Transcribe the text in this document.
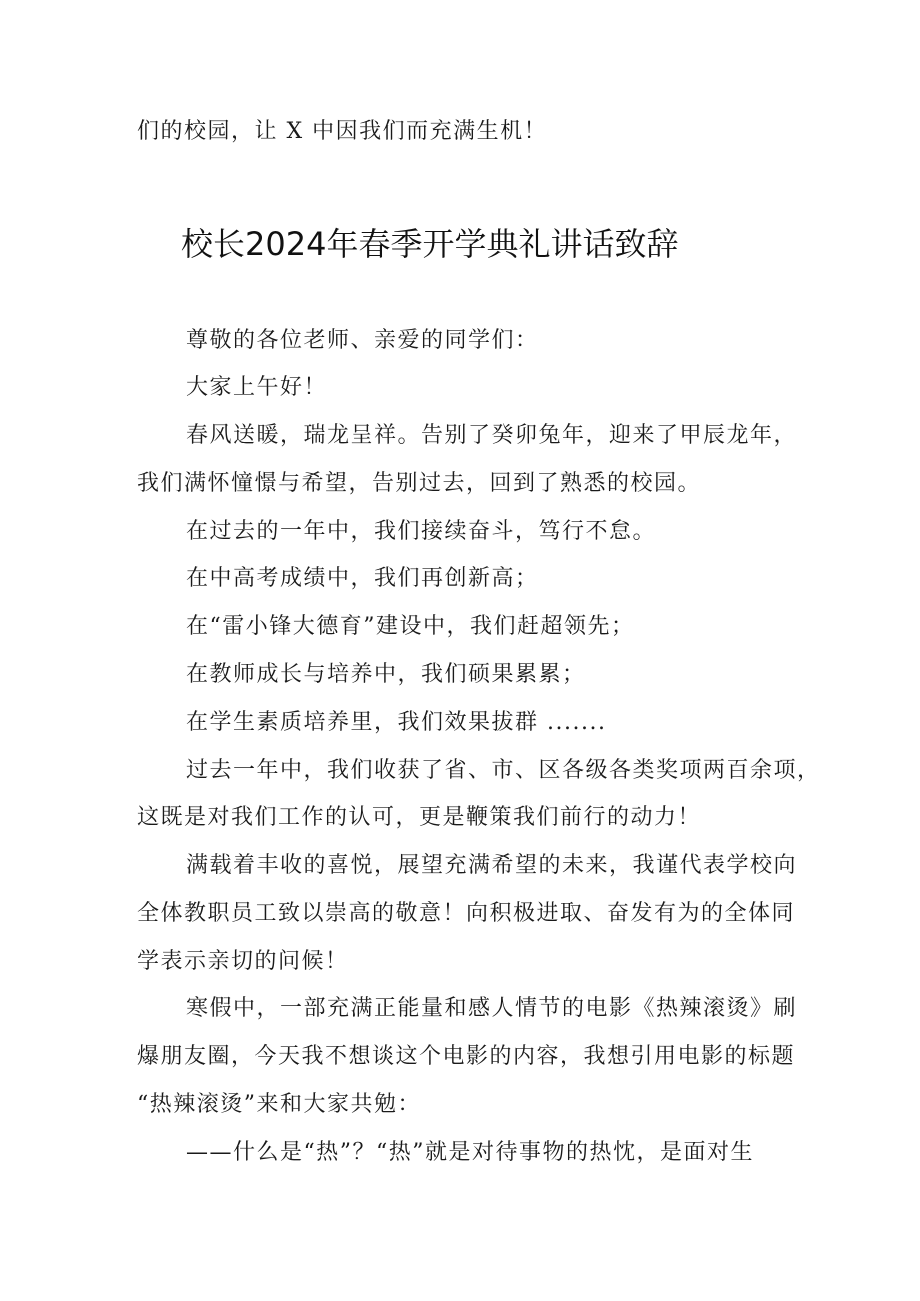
们的校园，让 X 中因我们而充满生机！
校长2024年春季开学典礼讲话致辞
尊敬的各位老师、亲爱的同学们：
大家上午好！
春风送暖，瑞龙呈祥。告别了癸卯兔年，迎来了甲辰龙年，
我们满怀憧憬与希望，告别过去，回到了熟悉的校园。
在过去的一年中，我们接续奋斗，笃行不怠。
在中高考成绩中，我们再创新高；
在“雷小锋大德育”建设中，我们赶超领先；
在教师成长与培养中，我们硕果累累；
在学生素质培养里，我们效果拔群 .......
过去一年中，我们收获了省、市、区各级各类奖项两百余项，
这既是对我们工作的认可，更是鞭策我们前行的动力！
满载着丰收的喜悦，展望充满希望的未来，我谨代表学校向
全体教职员工致以崇高的敬意！向积极进取、奋发有为的全体同
学表示亲切的问候！
寒假中，一部充满正能量和感人情节的电影《热辣滚烫》刷
爆朋友圈，今天我不想谈这个电影的内容，我想引用电影的标题
“热辣滚烫”来和大家共勉：
——什么是“热”？“热”就是对待事物的热忱，是面对生
